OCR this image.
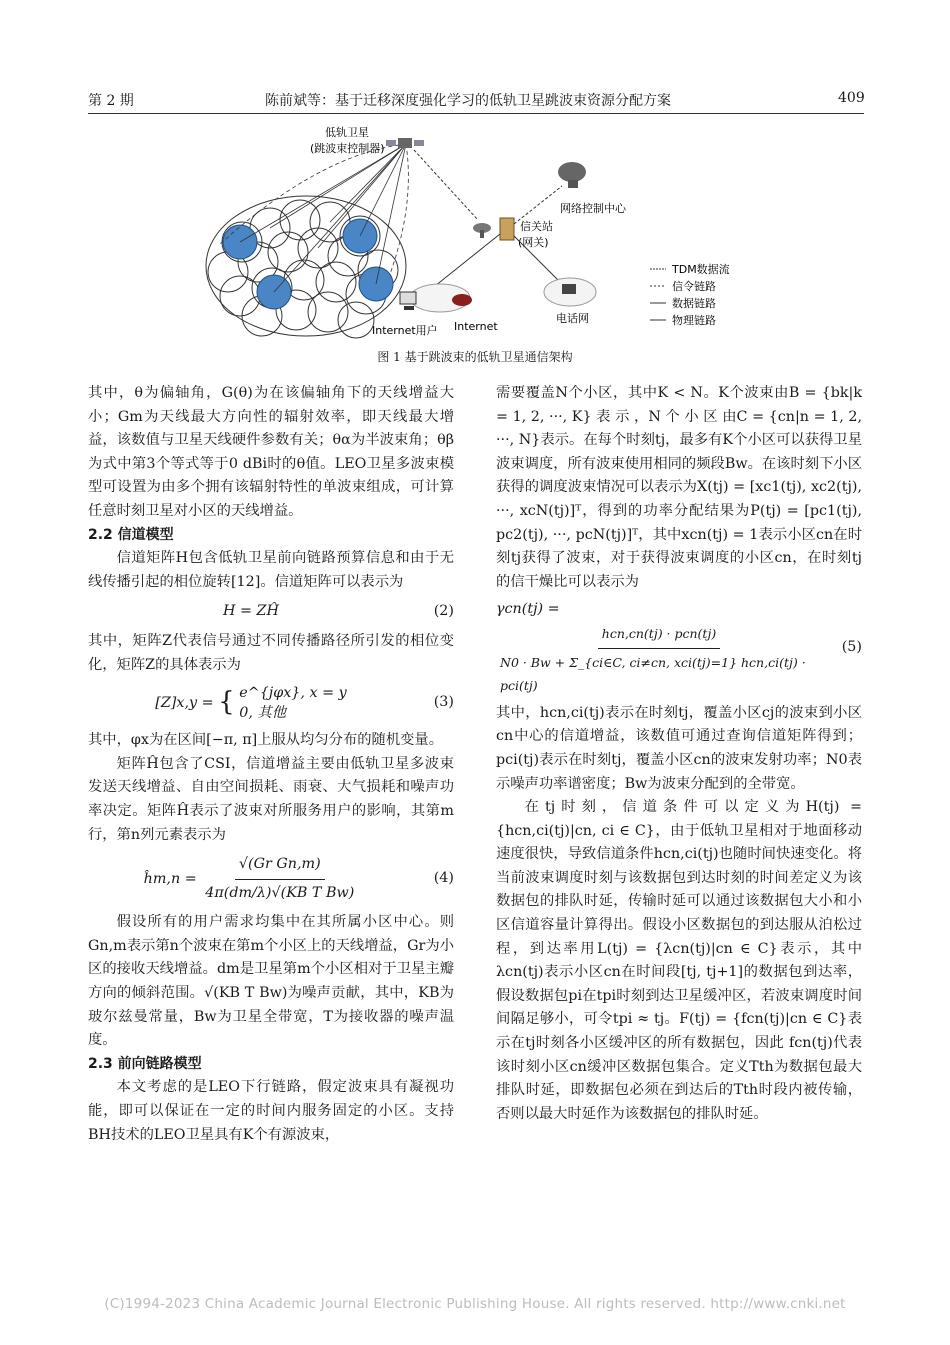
第 2 期	陈前斌等：基于迁移深度强化学习的低轨卫星跳波束资源分配方案	409
低轨卫星
(跳波束控制器)
信关站
(网关)
网络控制中心
Internet用户 Internet
电话网
TDM数据流
信令链路
数据链路
物理链路
图 1 基于跳波束的低轨卫星通信架构

其中，θ为偏轴角，G(θ)为在该偏轴角下的天线增益大小；Gm为天线最大方向性的辐射效率，即天线最大增益，该数值与卫星天线硬件参数有关；θα为半波束角；θβ为式中第3个等式等于0 dBi时的θ值。LEO卫星多波束模型可设置为由多个拥有该辐射特性的单波束组成，可计算任意时刻卫星对小区的天线增益。

2.2 信道模型

信道矩阵H包含低轨卫星前向链路预算信息和由于无线传播引起的相位旋转[12]。信道矩阵可以表示为

H = ZĤ	(2)

其中，矩阵Z代表信号通过不同传播路径所引发的相位变化，矩阵Z的具体表示为

[Z]x,y = { e^{jφx}, x = y
0, 其他
(3)

其中，φx为在区间[−π, π]上服从均匀分布的随机变量。

矩阵Ĥ包含了CSI，信道增益主要由低轨卫星多波束发送天线增益、自由空间损耗、雨衰、大气损耗和噪声功率决定。矩阵Ĥ表示了波束对所服务用户的影响，其第m行，第n列元素表示为

ĥm,n = $\frac{\text{√(Gr Gn,m)}}{\text{4π(dm/λ)√(KB T Bw)}}$	(4)

假设所有的用户需求均集中在其所属小区中心。则Gn,m表示第n个波束在第m个小区上的天线增益，Gr为小区的接收天线增益。dm是卫星第m个小区相对于卫星主瓣方向的倾斜范围。√(KB T Bw)为噪声贡献，其中，KB为玻尔兹曼常量，Bw为卫星全带宽，T为接收器的噪声温度。

2.3 前向链路模型

本文考虑的是LEO下行链路，假定波束具有凝视功能，即可以保证在一定的时间内服务固定的小区。支持BH技术的LEO卫星具有K个有源波束，

需要覆盖N个小区，其中K < N。K个波束由B = {bk|k = 1, 2, ···, K} 表 示 ，N 个 小 区 由C = {cn|n = 1, 2, ···, N}表示。在每个时刻tj，最多有K个小区可以获得卫星波束调度，所有波束使用相同的频段Bw。在该时刻下小区获得的调度波束情况可以表示为X(tj) = [xc1(tj), xc2(tj), ···, xcN(tj)]ᵀ，得到的功率分配结果为P(tj) = [pc1(tj), pc2(tj), ···, pcN(tj)]ᵀ，其中xcn(tj) = 1表示小区cn在时刻tj获得了波束，对于获得波束调度的小区cn，在时刻tj的信干燥比可以表示为

γcn(tj) =

$\frac{\text{hcn,cn(tj) · pcn(tj)}}{\text{N0 · Bw + Σ\_\{ci∈C, ci≠cn, xci(tj)=1\} hcn,ci(tj) · pci(tj)}}$	(5)

其中，hcn,ci(tj)表示在时刻tj，覆盖小区cj的波束到小区cn中心的信道增益，该数值可通过查询信道矩阵得到；pci(tj)表示在时刻tj，覆盖小区cn的波束发射功率；N0表示噪声功率谱密度；Bw为波束分配到的全带宽。

在tj时刻，信道条件可以定义为H(tj) = {hcn,ci(tj)|cn, ci ∈ C}，由于低轨卫星相对于地面移动速度很快，导致信道条件hcn,ci(tj)也随时间快速变化。将当前波束调度时刻与该数据包到达时刻的时间差定义为该数据包的排队时延，传输时延可以通过该数据包大小和小区信道容量计算得出。假设小区数据包的到达服从泊松过程，到达率用L(tj) = {λcn(tj)|cn ∈ C}表示，其中λcn(tj)表示小区cn在时间段[tj, tj+1]的数据包到达率，假设数据包pi在tpi时刻到达卫星缓冲区，若波束调度时间间隔足够小，可令tpi ≈ tj。F(tj) = {fcn(tj)|cn ∈ C}表示在tj时刻各小区缓冲区的所有数据包，因此 fcn(tj)代表该时刻小区cn缓冲区数据包集合。定义Tth为数据包最大排队时延，即数据包必须在到达后的Tth时段内被传输，否则以最大时延作为该数据包的排队时延。

(C)1994-2023 China Academic Journal Electronic Publishing House. All rights reserved. http://www.cnki.net
